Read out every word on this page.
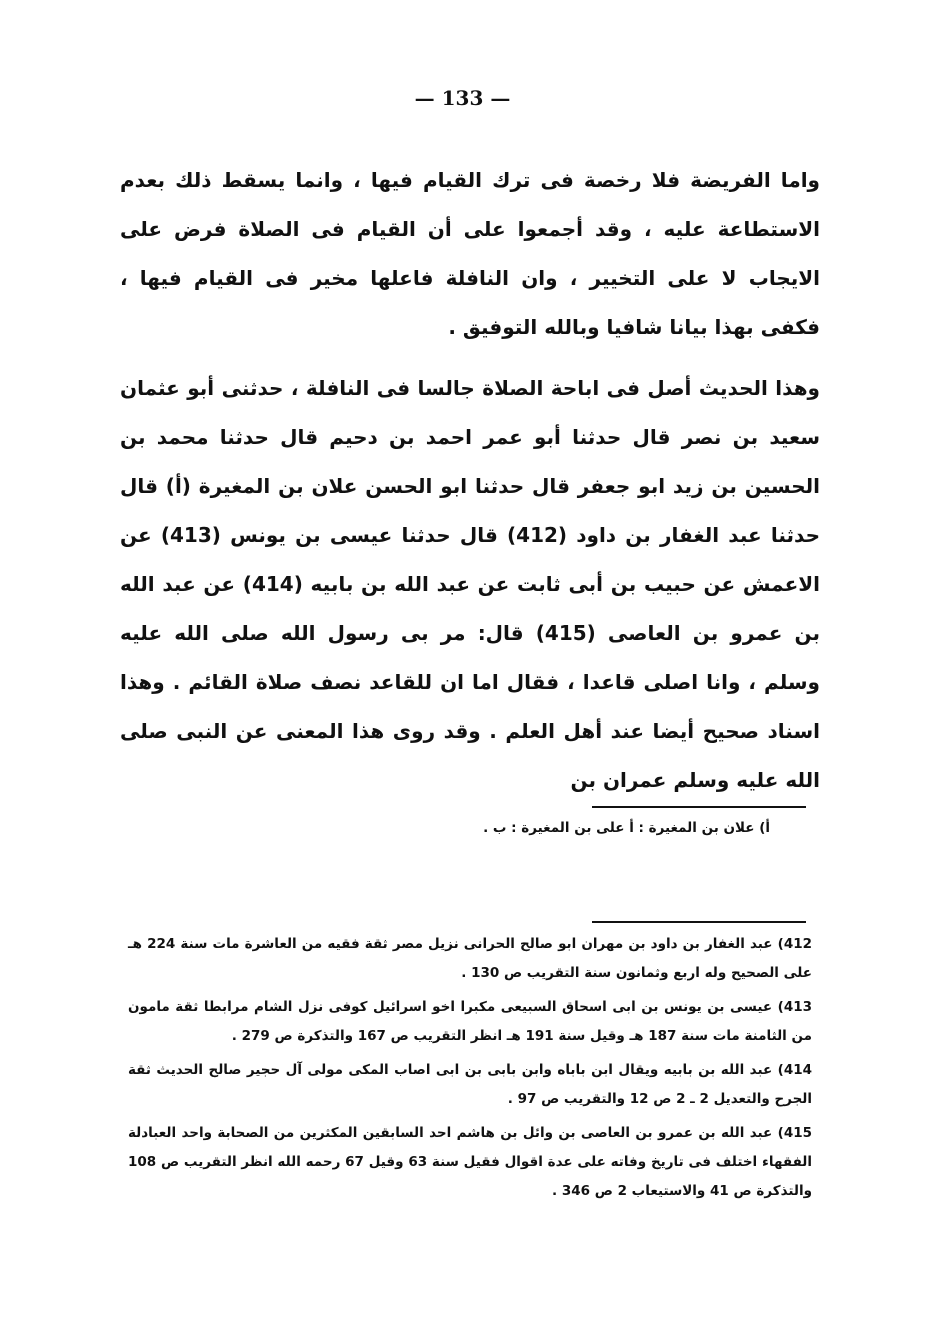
— 133 —
واما الفريضة فلا رخصة فى ترك القيام فيها ، وانما يسقط ذلك بعدم الاستطاعة عليه ، وقد أجمعوا على أن القيام فى الصلاة فرض على الايجاب لا على التخيير ، وان النافلة فاعلها مخير فى القيام فيها ، فكفى بهذا بيانا شافيا وبالله التوفيق .
وهذا الحديث أصل فى اباحة الصلاة جالسا فى النافلة ، حدثنى أبو عثمان سعيد بن نصر قال حدثنا أبو عمر احمد بن دحيم قال حدثنا محمد بن الحسين بن زيد ابو جعفر قال حدثنا ابو الحسن علان بن المغيرة (أ) قال حدثنا عبد الغفار بن داود (412) قال حدثنا عيسى بن يونس (413) عن الاعمش عن حبيب بن أبى ثابت عن عبد الله بن بابيه (414) عن عبد الله بن عمرو بن العاصى (415) قال: مر بى رسول الله صلى الله عليه وسلم ، وانا اصلى قاعدا ، فقال اما ان للقاعد نصف صلاة القائم . وهذا اسناد صحيح أيضا عند أهل العلم . وقد روى هذا المعنى عن النبى صلى الله عليه وسلم عمران بن
أ) علان بن المغيرة : أ على بن المغيرة : ب .
412) عبد الغفار بن داود بن مهران ابو صالح الحرانى نزيل مصر ثقة فقيه من العاشرة مات سنة 224 هـ على الصحيح وله اربع وثمانون سنة التقريب ص 130 .
413) عيسى بن يونس بن ابى اسحاق السبيعى مكبرا اخو اسرائيل كوفى نزل الشام مرابطا ثقة مامون من الثامنة مات سنة 187 هـ وقيل سنة 191 هـ انظر التقريب ص 167 والتذكرة ص 279 .
414) عبد الله بن بابيه ويقال ابن باباه وابن بابى بن ابى اصاب المكى مولى آل حجير صالح الحديث ثقة الجرح والتعديل 2 ـ 2 ص 12 والتقريب ص 97 .
415) عبد الله بن عمرو بن العاصى بن وائل بن هاشم احد السابقين المكثرين من الصحابة واحد العبادلة الفقهاء اختلف فى تاريخ وفاته على عدة اقوال فقيل سنة 63 وقيل 67 رحمه الله انظر التقريب ص 108 والتذكرة ص 41 والاستيعاب 2 ص 346 .
